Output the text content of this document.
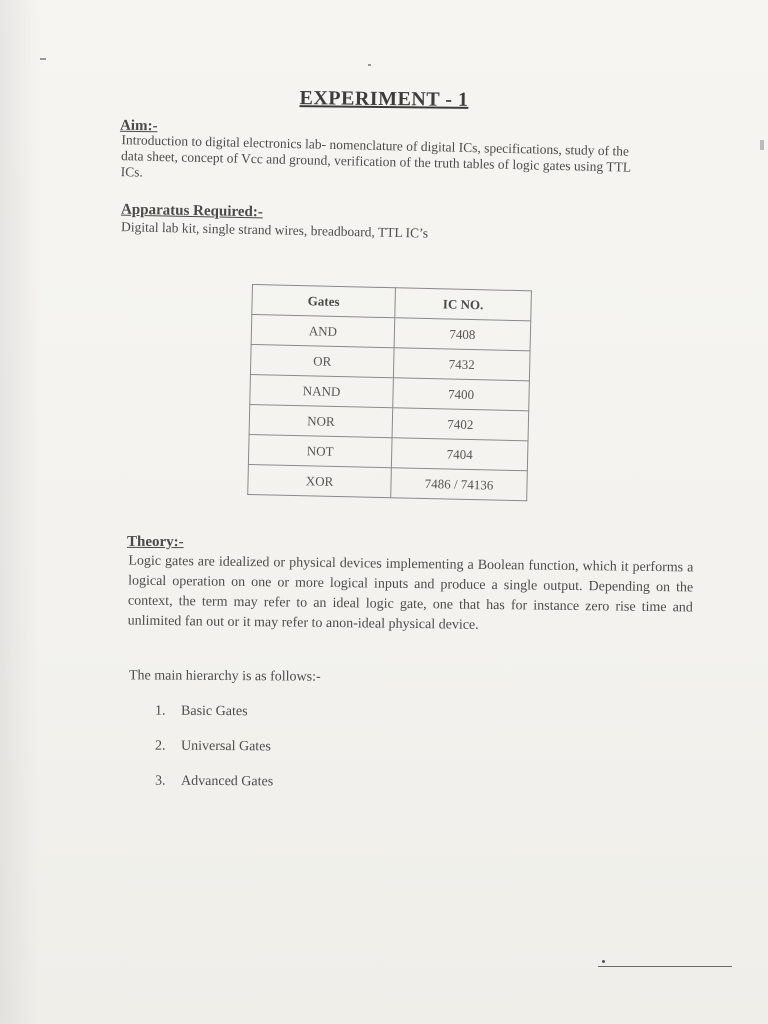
EXPERIMENT - 1
Aim:-
Introduction to digital electronics lab- nomenclature of digital ICs, specifications, study of the data sheet, concept of Vcc and ground, verification of the truth tables of logic gates using TTL ICs.
Apparatus Required:-
Digital lab kit, single strand wires, breadboard, TTL IC’s
Gates	IC NO.
AND	7408
OR	7432
NAND	7400
NOR	7402
NOT	7404
XOR	7486 / 74136
Theory:-
Logic gates are idealized or physical devices implementing a Boolean function, which it performs a logical operation on one or more logical inputs and produce a single output. Depending on the context, the term may refer to an ideal logic gate, one that has for instance zero rise time and unlimited fan out or it may refer to anon-ideal physical device.
The main hierarchy is as follows:-
1. Basic Gates
2. Universal Gates
3. Advanced Gates
